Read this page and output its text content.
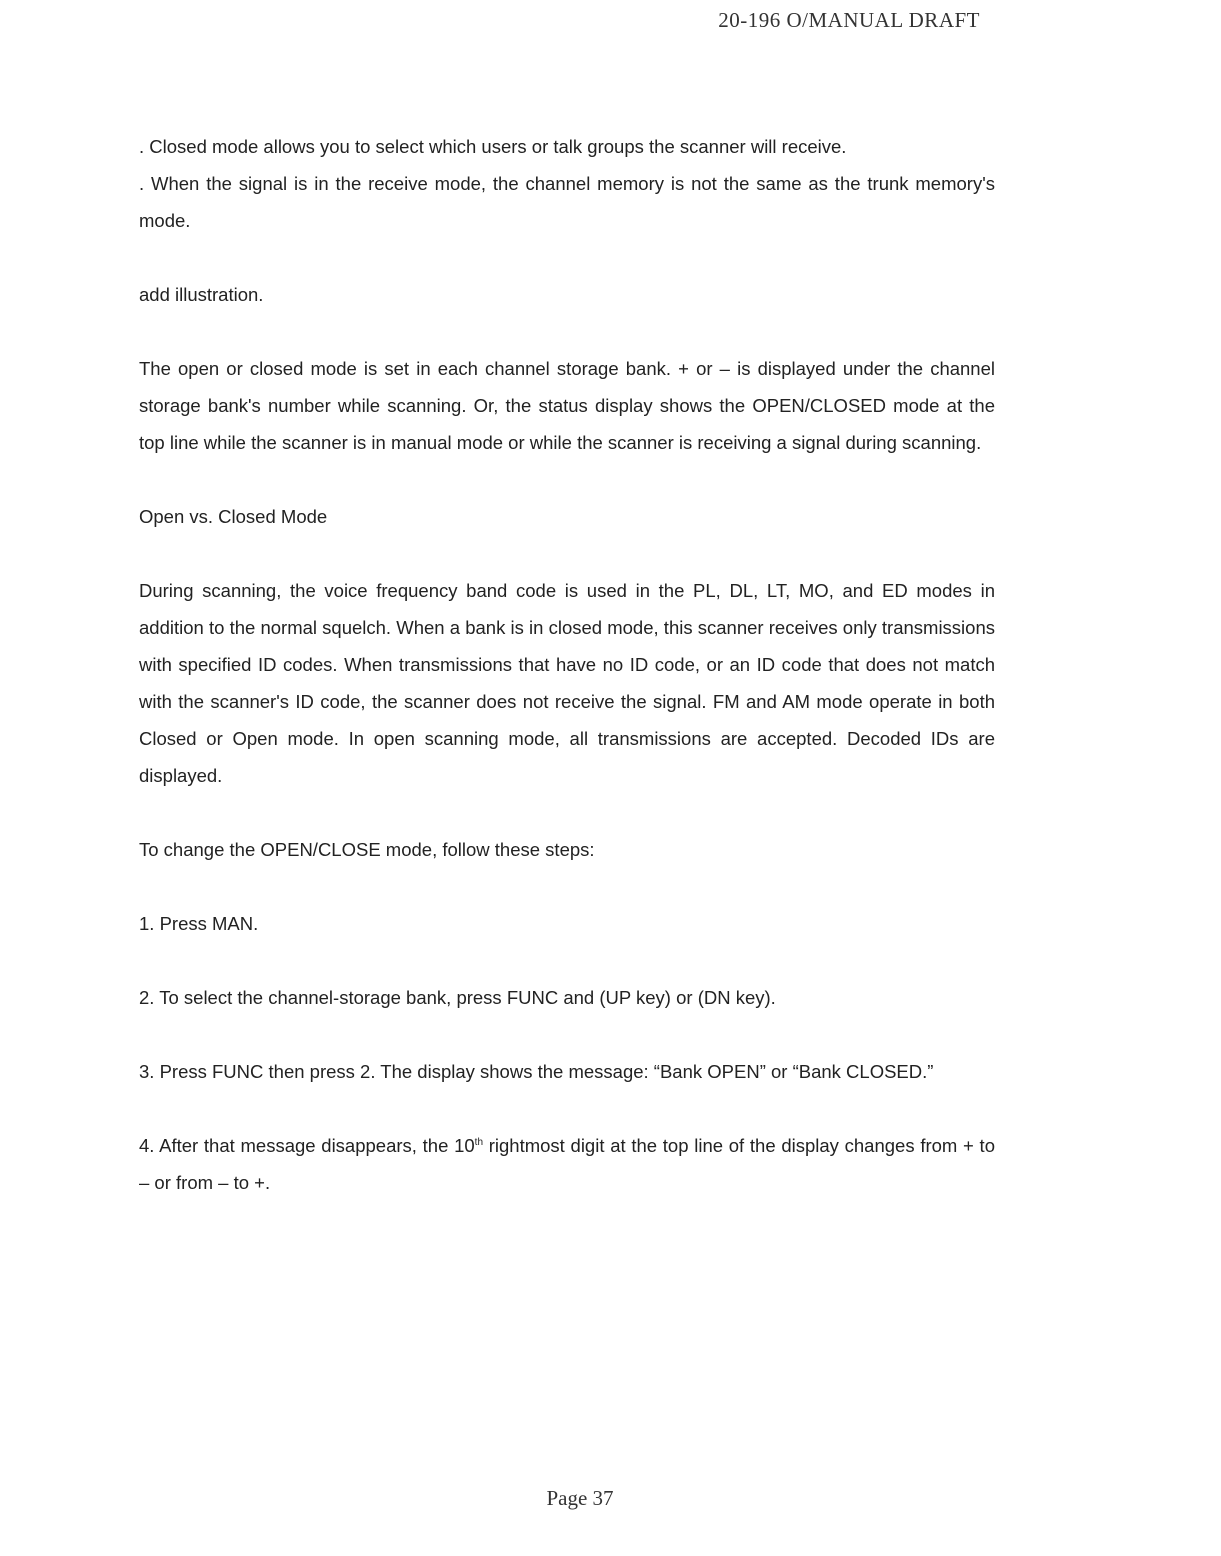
20-196 O/MANUAL DRAFT

. Closed mode allows you to select which users or talk groups the scanner will receive.

. When the signal is in the receive mode, the channel memory is not the same as the trunk memory's mode.

add illustration.

The open or closed mode is set in each channel storage bank. + or – is displayed under the channel storage bank's number while scanning. Or, the status display shows the OPEN/CLOSED mode at the top line while the scanner is in manual mode or while the scanner is receiving a signal during scanning.

Open vs. Closed Mode

During scanning, the voice frequency band code is used in the PL, DL, LT, MO, and ED modes in addition to the normal squelch. When a bank is in closed mode, this scanner receives only transmissions with specified ID codes. When transmissions that have no ID code, or an ID code that does not match with the scanner's ID code, the scanner does not receive the signal. FM and AM mode operate in both Closed or Open mode. In open scanning mode, all transmissions are accepted. Decoded IDs are displayed.

To change the OPEN/CLOSE mode, follow these steps:

1. Press MAN.

2. To select the channel-storage bank, press FUNC and (UP key) or (DN key).

3. Press FUNC then press 2. The display shows the message: “Bank OPEN” or “Bank CLOSED.”

4. After that message disappears, the 10th rightmost digit at the top line of the display changes from + to – or from – to +.

Page 37
